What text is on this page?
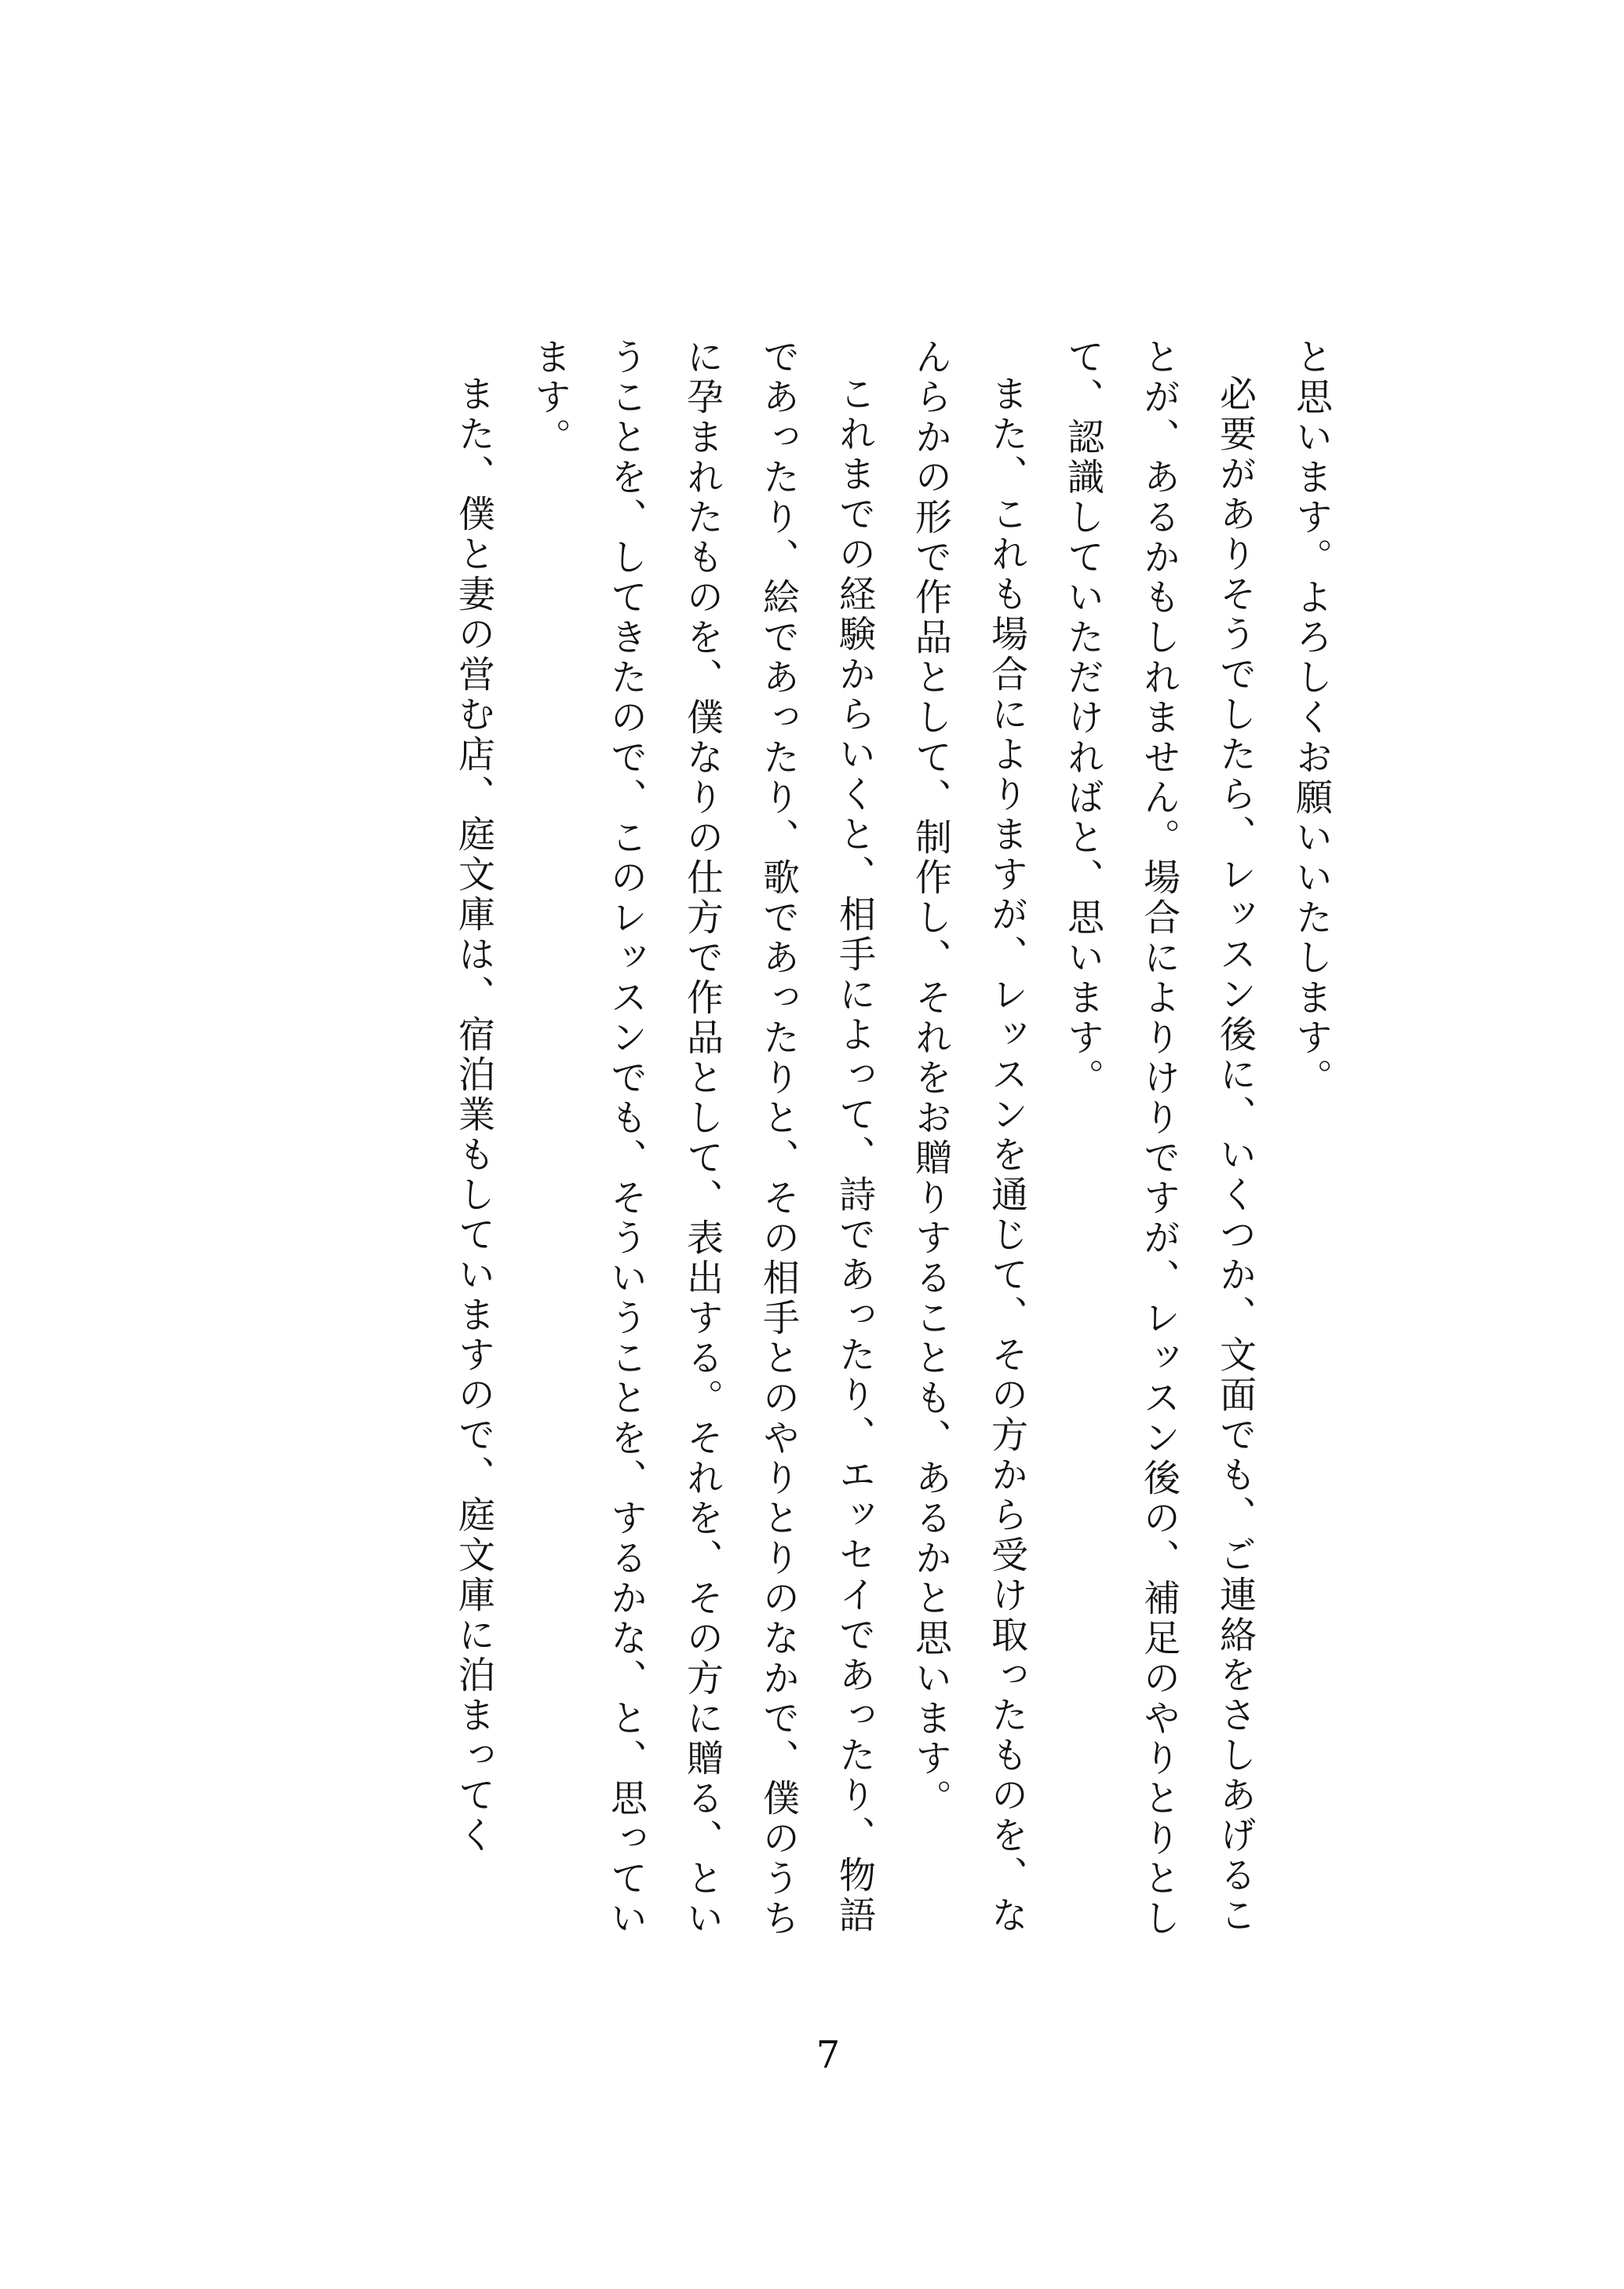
と思います。よろしくお願いいたします。

必要がありそうでしたら、レッスン後に、いくつか、文面でも、ご連絡をさしあげることが、あるかもしれません。場合によりけりですが、レッスン後の、補足のやりとりとして、認識していただければと、思います。

また、これも場合によりますが、レッスンを通じて、その方から受け取ったものを、なんらかの形で作品として、制作し、それをお贈りすることも、あるかと思います。

これまでの経験からいくと、相手によって、詩であったり、エッセイであったり、物語であったり、絵であったり、歌であったりと、その相手とのやりとりのなかで、僕のうちに孕まれたものを、僕なりの仕方で作品として、表出する。それを、その方に贈る、ということを、してきたので、このレッスンでも、そういうことを、するかな、と、思っています。

また、僕と妻の営む店、庭文庫は、宿泊業もしていますので、庭文庫に泊まってく

7
